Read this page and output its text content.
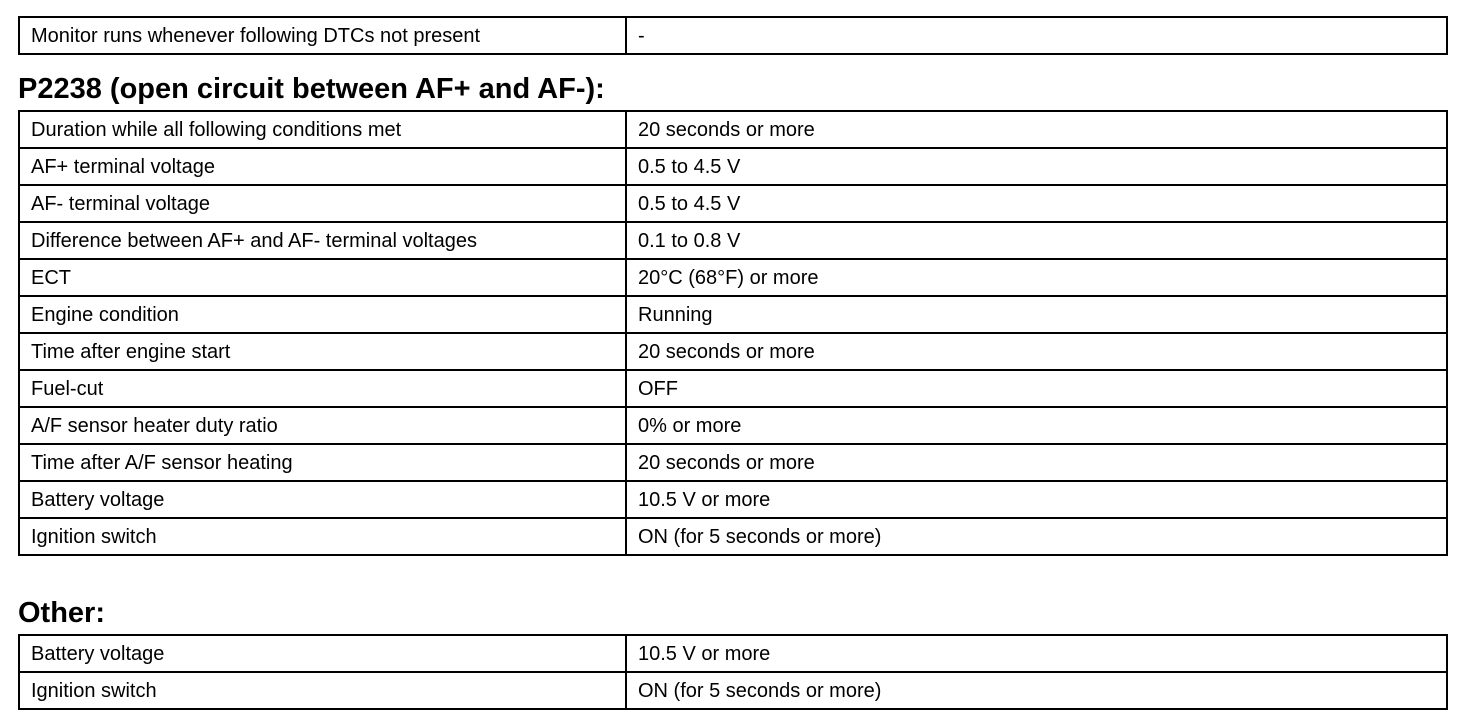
Monitor runs whenever following DTCs not present	-
P2238 (open circuit between AF+ and AF-):
Duration while all following conditions met	20 seconds or more
AF+ terminal voltage	0.5 to 4.5 V
AF- terminal voltage	0.5 to 4.5 V
Difference between AF+ and AF- terminal voltages	0.1 to 0.8 V
ECT	20°C (68°F) or more
Engine condition	Running
Time after engine start	20 seconds or more
Fuel-cut	OFF
A/F sensor heater duty ratio	0% or more
Time after A/F sensor heating	20 seconds or more
Battery voltage	10.5 V or more
Ignition switch	ON (for 5 seconds or more)
Other:
Battery voltage	10.5 V or more
Ignition switch	ON (for 5 seconds or more)
